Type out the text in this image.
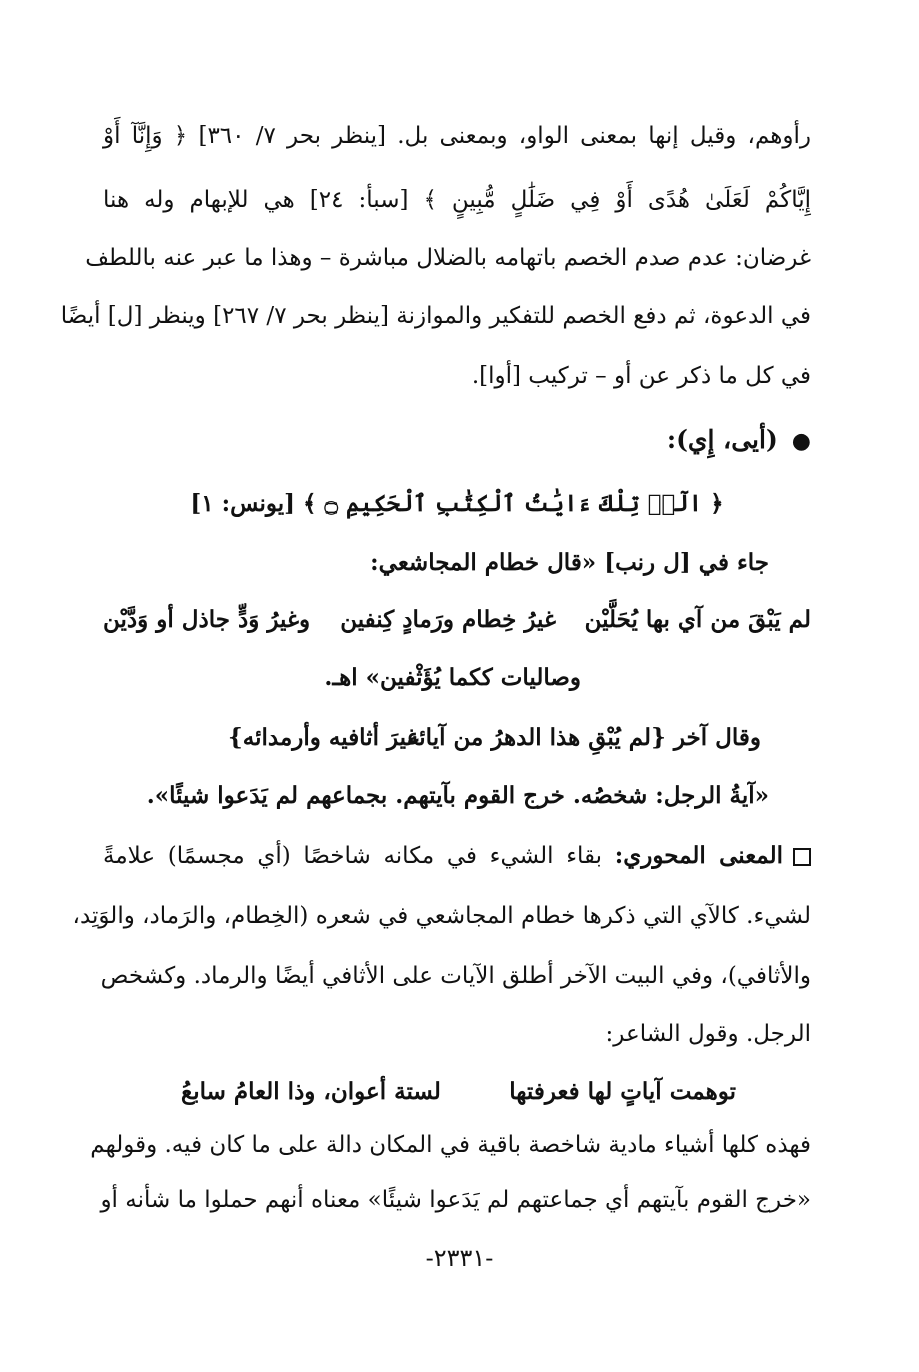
رأوهم، وقيل إنها بمعنى الواو، وبمعنى بل. [ينظر بحر ٧/ ٣٦٠] ﴿ وَإِنَّآ أَوْ
إِيَّاكُمْ لَعَلَىٰ هُدًى أَوْ فِي ضَلَٰلٍ مُّبِينٍ ﴾ [سبأ: ٢٤] هي للإبهام وله هنا
غرضان: عدم صدم الخصم باتهامه بالضلال مباشرة – وهذا ما عبر عنه باللطف
في الدعوة، ثم دفع الخصم للتفكير والموازنة [ينظر بحر ٧/ ٢٦٧] وينظر [ل] أيضًا
في كل ما ذكر عن أو – تركيب [أوا].
●(أيى، إِي):
﴿ الٓرۚ تِلْكَ ءَايَٰتُ ٱلْكِتَٰبِ ٱلْحَكِيمِ ۝ ﴾ [يونس: ١]
جاء في [ل رنب] «قال خطام المجاشعي:
لم يَبْقَ من آي بها يُحَلَّيْن
غيرُ خِطام ورَمادٍ كِنفين
وغيرُ وَدٍّ جاذل أو وَدَّيْن
وصاليات ككما يُؤَثْفين» اهـ.
وقال آخر {لم يُبْقِ هذا الدهرُ من آيائه
غيرَ أثافيه وأرمدائه}
«آيةُ الرجل: شخصُه. خرج القوم بآيتهم. بجماعهم لم يَدَعوا شيئًا».
المعنى المحوري: بقاء الشيء في مكانه شاخصًا (أي مجسمًا) علامةً
لشيء. كالآي التي ذكرها خطام المجاشعي في شعره (الخِطام، والرَماد، والوَتِد،
والأثافي)، وفي البيت الآخر أطلق الآيات على الأثافي أيضًا والرماد. وكشخص
الرجل. وقول الشاعر:
توهمت آياتٍ لها فعرفتها
لستة أعوان، وذا العامُ سابعُ
فهذه كلها أشياء مادية شاخصة باقية في المكان دالة على ما كان فيه. وقولهم
«خرج القوم بآيتهم أي جماعتهم لم يَدَعوا شيئًا» معناه أنهم حملوا ما شأنه أو
-٢٣٣١-
